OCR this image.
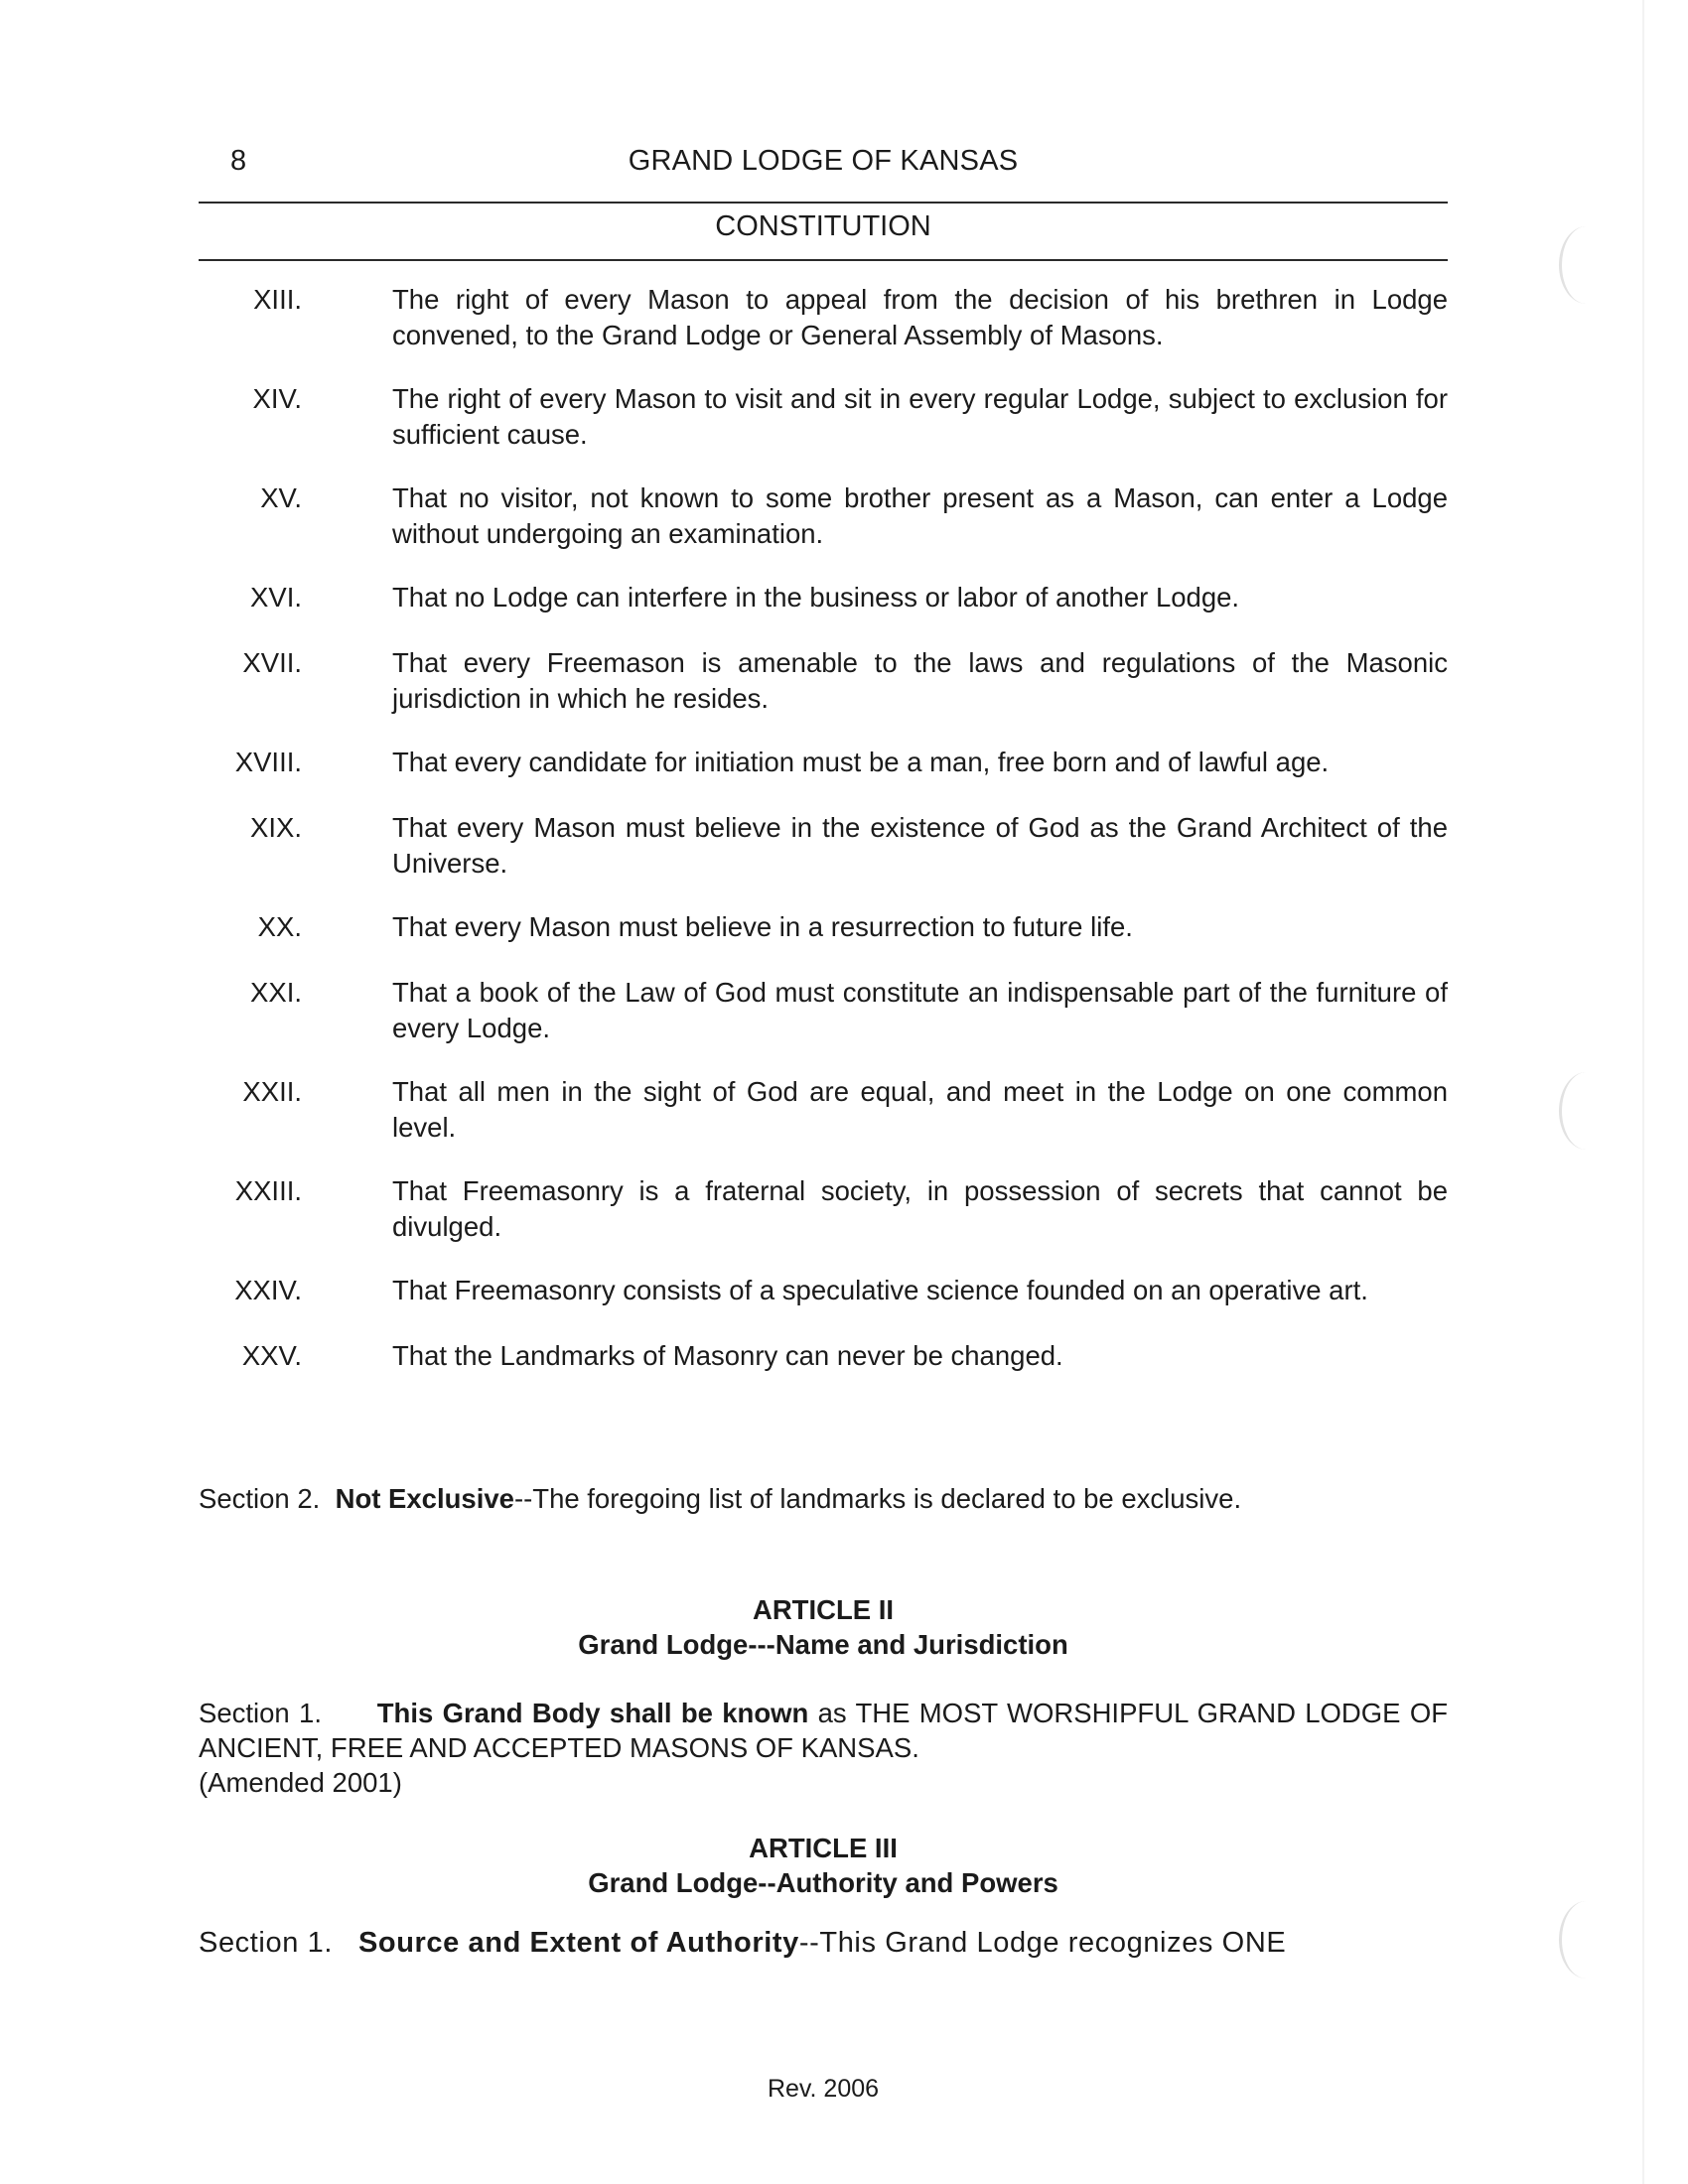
8	GRAND LODGE OF KANSAS
CONSTITUTION
XIII.	The right of every Mason to appeal from the decision of his brethren in Lodge convened, to the Grand Lodge or General Assembly of Masons.
XIV.	The right of every Mason to visit and sit in every regular Lodge, subject to exclusion for sufficient cause.
XV.	That no visitor, not known to some brother present as a Mason, can enter a Lodge without undergoing an examination.
XVI.	That no Lodge can interfere in the business or labor of another Lodge.
XVII.	That every Freemason is amenable to the laws and regulations of the Masonic jurisdiction in which he resides.
XVIII.	That every candidate for initiation must be a man, free born and of lawful age.
XIX.	That every Mason must believe in the existence of God as the Grand Architect of the Universe.
XX.	That every Mason must believe in a resurrection to future life.
XXI.	That a book of the Law of God must constitute an indispensable part of the furniture of every Lodge.
XXII.	That all men in the sight of God are equal, and meet in the Lodge on one common level.
XXIII.	That Freemasonry is a fraternal society, in possession of secrets that cannot be divulged.
XXIV.	That Freemasonry consists of a speculative science founded on an operative art.
XXV.	That the Landmarks of Masonry can never be changed.
Section 2. Not Exclusive--The foregoing list of landmarks is declared to be exclusive.
ARTICLE II
Grand Lodge---Name and Jurisdiction
Section 1. This Grand Body shall be known as THE MOST WORSHIPFUL GRAND LODGE OF ANCIENT, FREE AND ACCEPTED MASONS OF KANSAS.
(Amended 2001)
ARTICLE III
Grand Lodge--Authority and Powers
Section 1. Source and Extent of Authority--This Grand Lodge recognizes ONE
Rev. 2006
